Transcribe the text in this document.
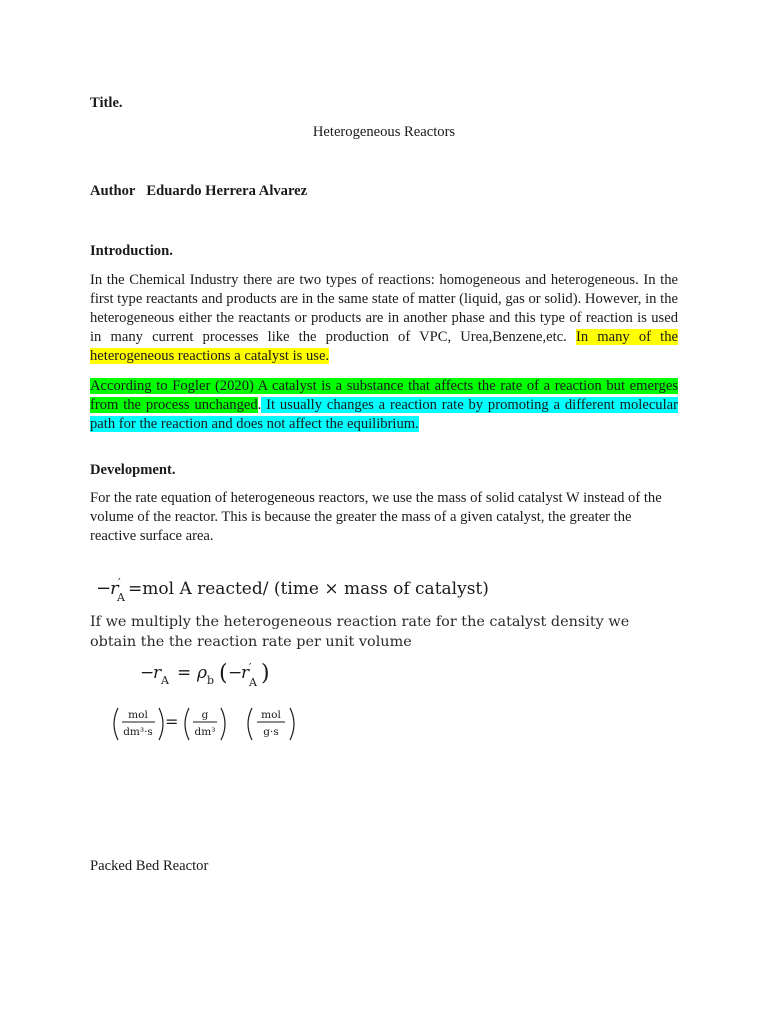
Title.

Heterogeneous Reactors

Author Eduardo Herrera Alvarez

Introduction.

In the Chemical Industry there are two types of reactions: homogeneous and heterogeneous. In the first type reactants and products are in the same state of matter (liquid, gas or solid). However, in the heterogeneous either the reactants or products are in another phase and this type of reaction is used in many current processes like the production of VPC, Urea,Benzene,etc. In many of the heterogeneous reactions a catalyst is use.

According to Fogler (2020) A catalyst is a substance that affects the rate of a reaction but emerges from the process unchanged. It usually changes a reaction rate by promoting a different molecular path for the reaction and does not affect the equilibrium.

Development.

For the rate equation of heterogeneous reactors, we use the mass of solid catalyst W instead of the volume of the reactor. This is because the greater the mass of a given catalyst, the greater the reactive surface area.

−
r ′
A =mol A reacted/ (time × mass of catalyst)

If we multiply the heterogeneous reaction rate for the catalyst density we obtain the the reaction rate per unit volume

−
r A = ρ b ( −
r ′
A )
mol
dm³·s
= g
dm³
mol
g·s

Packed Bed Reactor
